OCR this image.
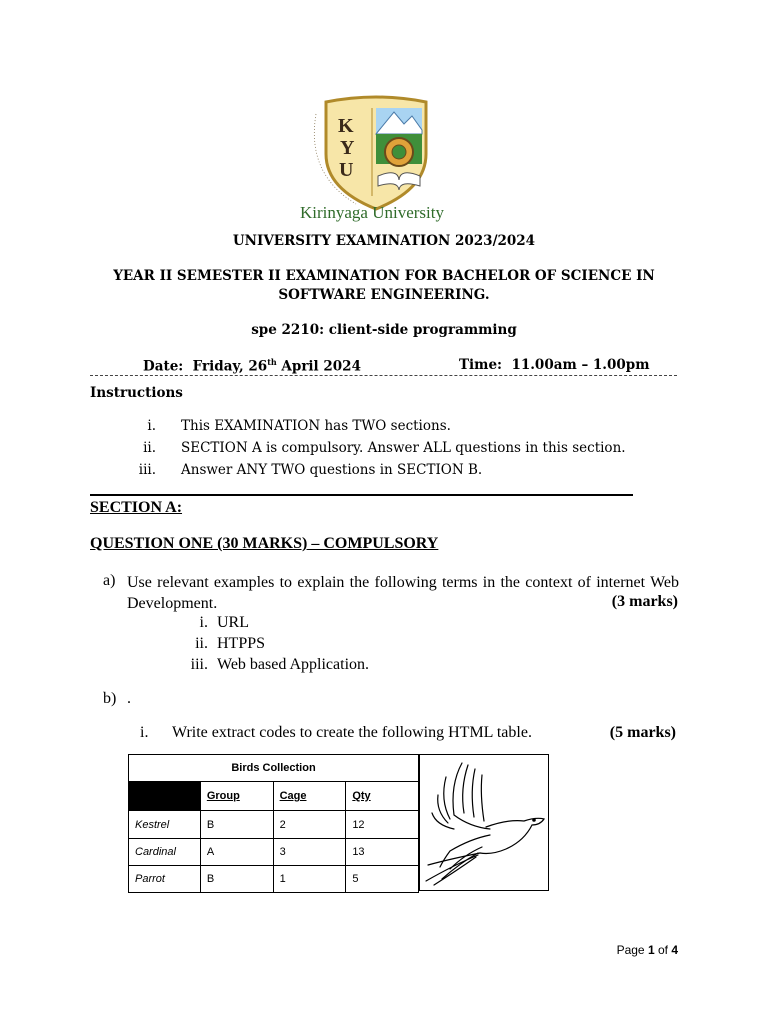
K
Y
U
Kirinyaga University
UNIVERSITY EXAMINATION 2023/2024
YEAR II SEMESTER II EXAMINATION FOR BACHELOR OF SCIENCE IN SOFTWARE ENGINEERING.
spe 2210: client-side programming
Date: Friday, 26th April 2024	Time: 11.00am – 1.00pm
Instructions
i. This EXAMINATION has TWO sections.
ii. SECTION A is compulsory. Answer ALL questions in this section.
iii. Answer ANY TWO questions in SECTION B.
SECTION A:
QUESTION ONE (30 MARKS) – COMPULSORY
a) Use relevant examples to explain the following terms in the context of internet Web Development.	(3 marks)
i. URL
ii. HTPPS
iii. Web based Application.
b) .
i. Write extract codes to create the following HTML table.	(5 marks)
Birds Collection			
	Group	Cage	Qty
Kestrel	B	2	12
Cardinal	A	3	13
Parrot	B	1	5
Page 1 of 4
